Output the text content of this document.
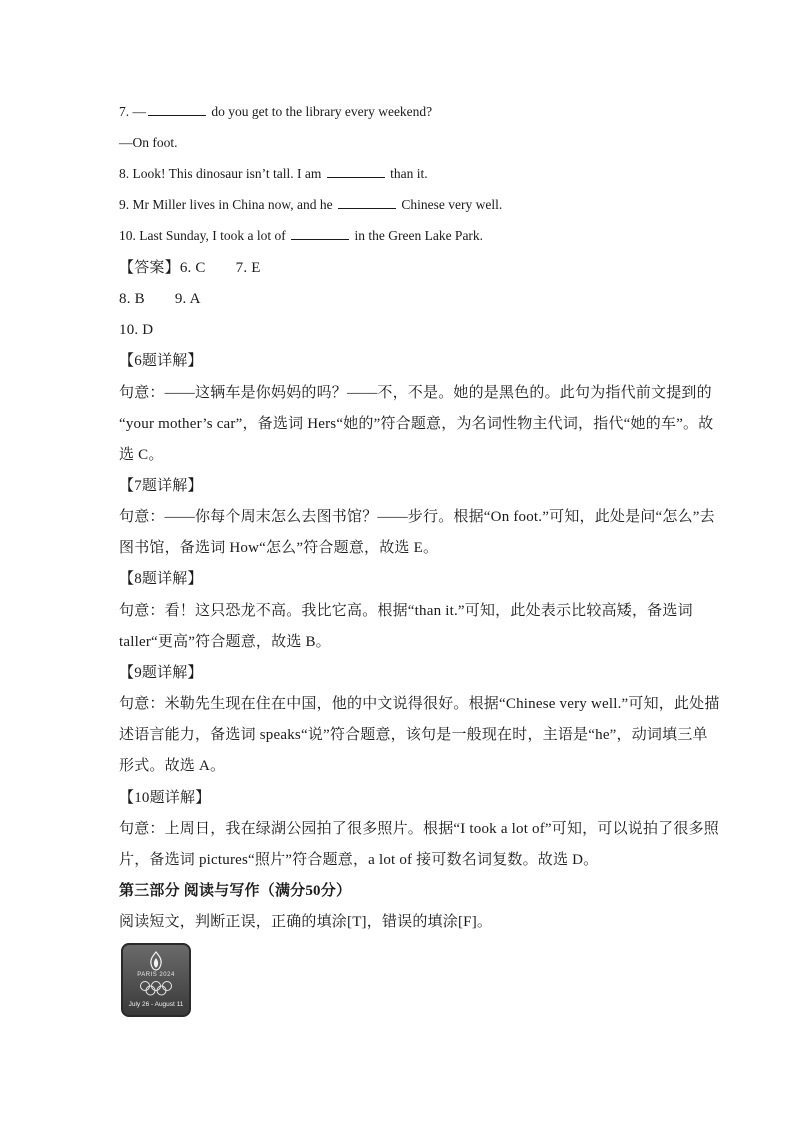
7. —	do you get to the library every weekend?
—On foot.
8. Look! This dinosaur isn’t tall. I am	than it.
9. Mr Miller lives in China now, and he	Chinese very well.
10. Last Sunday, I took a lot of	in the Green Lake Park.
【答案】6. C 7. E
8. B 9. A
10. D
【6题详解】
句意：——这辆车是你妈妈的吗？——不，不是。她的是黑色的。此句为指代前文提到的
“your mother’s car”，备选词 Hers“她的”符合题意，为名词性物主代词，指代“她的车”。故
选 C。
【7题详解】
句意：——你每个周末怎么去图书馆？——步行。根据“On foot.”可知，此处是问“怎么”去
图书馆，备选词 How“怎么”符合题意，故选 E。
【8题详解】
句意：看！这只恐龙不高。我比它高。根据“than it.”可知，此处表示比较高矮，备选词
taller“更高”符合题意，故选 B。
【9题详解】
句意：米勒先生现在住在中国，他的中文说得很好。根据“Chinese very well.”可知，此处描
述语言能力，备选词 speaks“说”符合题意，该句是一般现在时，主语是“he”，动词填三单
形式。故选 A。
【10题详解】
句意：上周日，我在绿湖公园拍了很多照片。根据“I took a lot of”可知，可以说拍了很多照
片，备选词 pictures“照片”符合题意，a lot of 接可数名词复数。故选 D。
第三部分 阅读与写作（满分50分）
阅读短文，判断正误，正确的填涂[T]，错误的填涂[F]。
PARIS 2024
July 26 - August 11
